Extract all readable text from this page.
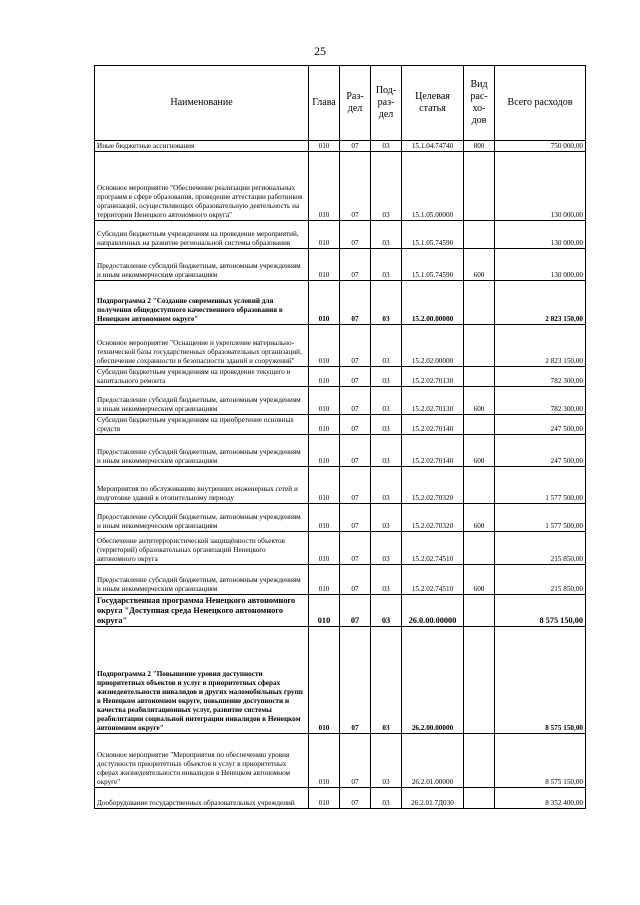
25
Наименование	Глава	Раз- дел	Под- раз- дел	Целевая статья	Вид рас- хо- дов	Всего расходов
Иные бюджетные ассигнования	010	07	03	15.1.04.74740	800	750 000,00
Основное мероприятие "Обеспечение реализации региональных программ в сфере образования, проведение аттестации работников организаций, осуществляющих образовательную деятельность на территории Ненецкого автономного округа"	010	07	03	15.1.05.00000		130 000,00
Субсидии бюджетным учреждениям на проведение мероприятий, направленных на развитие региональной системы образования	010	07	03	15.1.05.74590		130 000,00
Предоставление субсидий бюджетным, автономным учреждениям и иным некоммерческим организациям	010	07	03	15.1.05.74590	600	130 000,00
Подпрограмма 2 "Создание современных условий для получения общедоступного качественного образования в Ненецком автономном округе"	010	07	03	15.2.00.00000		2 823 150,00
Основное мероприятие "Оснащение и укрепление материально-технической базы государственных образовательных организаций, обеспечение сохранности и безопасности зданий и сооружений"	010	07	03	15.2.02.00000		2 823 150,00
Субсидии бюджетным учреждениям на проведение текущего и капитального ремонта	010	07	03	15.2.02.70130		782 300,00
Предоставление субсидий бюджетным, автономным учреждениям и иным некоммерческим организациям	010	07	03	15.2.02.70130	600	782 300,00
Субсидии бюджетным учреждениям на приобретение основных средств	010	07	03	15.2.02.70140		247 500,00
Предоставление субсидий бюджетным, автономным учреждениям и иным некоммерческим организациям	010	07	03	15.2.02.70140	600	247 500,00
Мероприятия по обслуживанию внутренних инженерных сетей и подготовке зданий к отопительному периоду	010	07	03	15.2.02.70320		1 577 500,00
Предоставление субсидий бюджетным, автономным учреждениям и иным некоммерческим организациям	010	07	03	15.2.02.70320	600	1 577 500,00
Обеспечение антитеррористической защищённости объектов (территорий) образовательных организаций Ненецкого автономного округа	010	07	03	15.2.02.74510		215 850,00
Предоставление субсидий бюджетным, автономным учреждениям и иным некоммерческим организациям	010	07	03	15.2.02.74510	600	215 850,00
Государственная программа Ненецкого автономного округа "Доступная среда Ненецкого автономного округа"	010	07	03	26.0.00.00000		8 575 150,00
Подпрограмма 2 "Повышение уровня доступности приоритетных объектов и услуг в приоритетных сферах жизнедеятельности инвалидов и других маломобильных групп в Ненецком автономном округе, повышение доступности и качества реабилитационных услуг, развитие системы реабилитации социальной интеграции инвалидов в Ненецком автономном округе"	010	07	03	26.2.00.00000		8 575 150,00
Основное мероприятие "Мероприятия по обеспечению уровня доступности приоритетных объектов и услуг в приоритетных сферах жизнедеятельности инвалидов в Ненецком автономном округе"	010	07	03	26.2.01.00000		8 575 150,00
Дооборудование государственных образовательных учреждений	010	07	03	26.2.01.7Д030		8 352 400,00
